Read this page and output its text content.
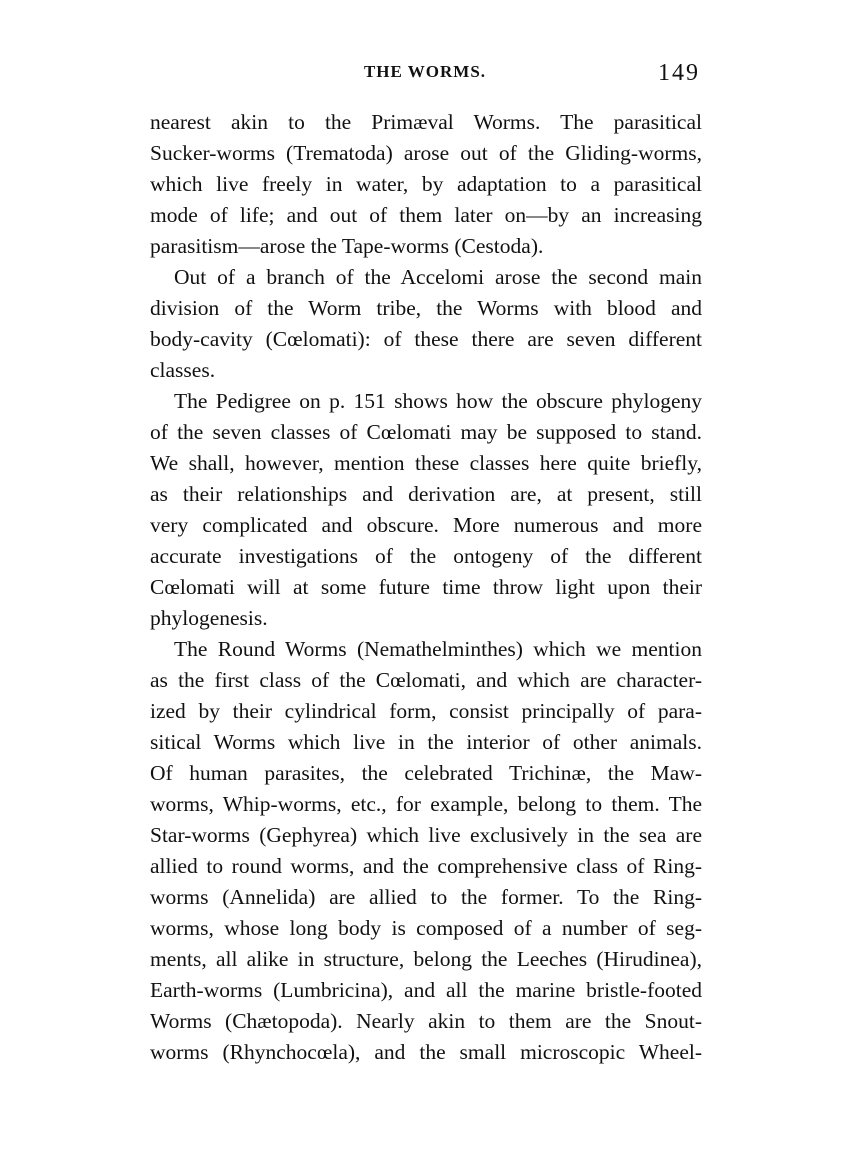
THE WORMS.	149
nearest akin to the Primæval Worms. The parasitical
Sucker-worms (Trematoda) arose out of the Gliding-worms,
which live freely in water, by adaptation to a parasitical
mode of life; and out of them later on—by an increasing
parasitism—arose the Tape-worms (Cestoda).
Out of a branch of the Accelomi arose the second main
division of the Worm tribe, the Worms with blood and
body-cavity (Cœlomati): of these there are seven different
classes.
The Pedigree on p. 151 shows how the obscure phylogeny
of the seven classes of Cœlomati may be supposed to stand.
We shall, however, mention these classes here quite briefly,
as their relationships and derivation are, at present, still
very complicated and obscure. More numerous and more
accurate investigations of the ontogeny of the different
Cœlomati will at some future time throw light upon their
phylogenesis.
The Round Worms (Nemathelminthes) which we mention
as the first class of the Cœlomati, and which are character-
ized by their cylindrical form, consist principally of para-
sitical Worms which live in the interior of other animals.
Of human parasites, the celebrated Trichinæ, the Maw-
worms, Whip-worms, etc., for example, belong to them. The
Star-worms (Gephyrea) which live exclusively in the sea are
allied to round worms, and the comprehensive class of Ring-
worms (Annelida) are allied to the former. To the Ring-
worms, whose long body is composed of a number of seg-
ments, all alike in structure, belong the Leeches (Hirudinea),
Earth-worms (Lumbricina), and all the marine bristle-footed
Worms (Chætopoda). Nearly akin to them are the Snout-
worms (Rhynchocœla), and the small microscopic Wheel-
